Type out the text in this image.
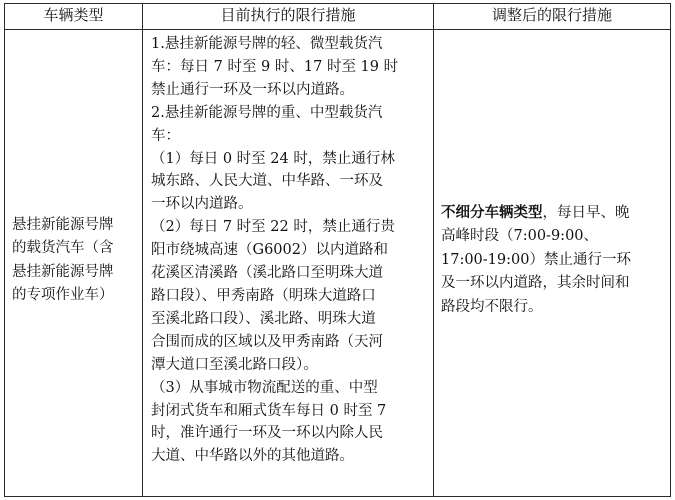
车辆类型	目前执行的限行措施	调整后的限行措施

悬挂新能源号牌

的载货汽车（含

悬挂新能源号牌

的专项作业车）

1.悬挂新能源号牌的轻、微型载货汽

车：每日 7 时至 9 时、17 时至 19 时

禁止通行一环及一环以内道路。

2.悬挂新能源号牌的重、中型载货汽

车：

（1）每日 0 时至 24 时，禁止通行林

城东路、人民大道、中华路、一环及

一环以内道路。

（2）每日 7 时至 22 时，禁止通行贵

阳市绕城高速（G6002）以内道路和

花溪区清溪路（溪北路口至明珠大道

路口段）、甲秀南路（明珠大道路口

至溪北路口段）、溪北路、明珠大道

合围而成的区域以及甲秀南路（天河

潭大道口至溪北路口段）。

（3）从事城市物流配送的重、中型

封闭式货车和厢式货车每日 0 时至 7

时，准许通行一环及一环以内除人民

大道、中华路以外的其他道路。

不细分车辆类型，每日早、晚

高峰时段（7:00-9:00、

17:00-19:00）禁止通行一环

及一环以内道路，其余时间和

路段均不限行。
